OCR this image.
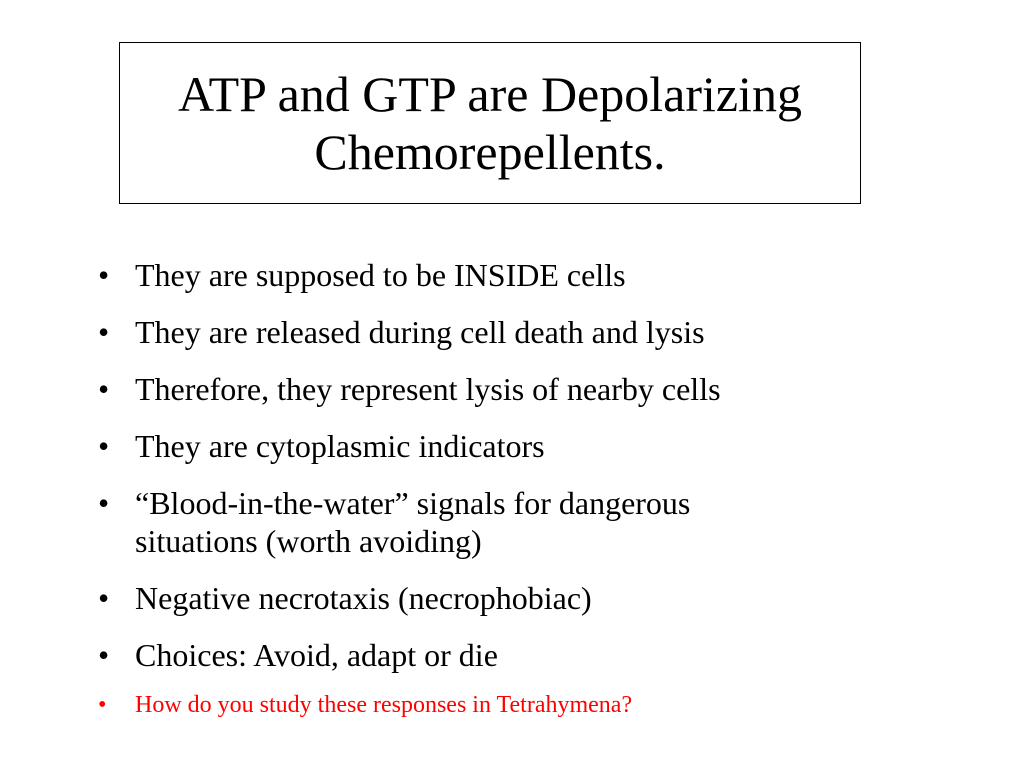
ATP and GTP are Depolarizing
Chemorepellents.
• They are supposed to be INSIDE cells
• They are released during cell death and lysis
• Therefore, they represent lysis of nearby cells
• They are cytoplasmic indicators
• “Blood-in-the-water” signals for dangerous
situations (worth avoiding)
• Negative necrotaxis (necrophobiac)
• Choices: Avoid, adapt or die
•	How do you study these responses in Tetrahymena?
